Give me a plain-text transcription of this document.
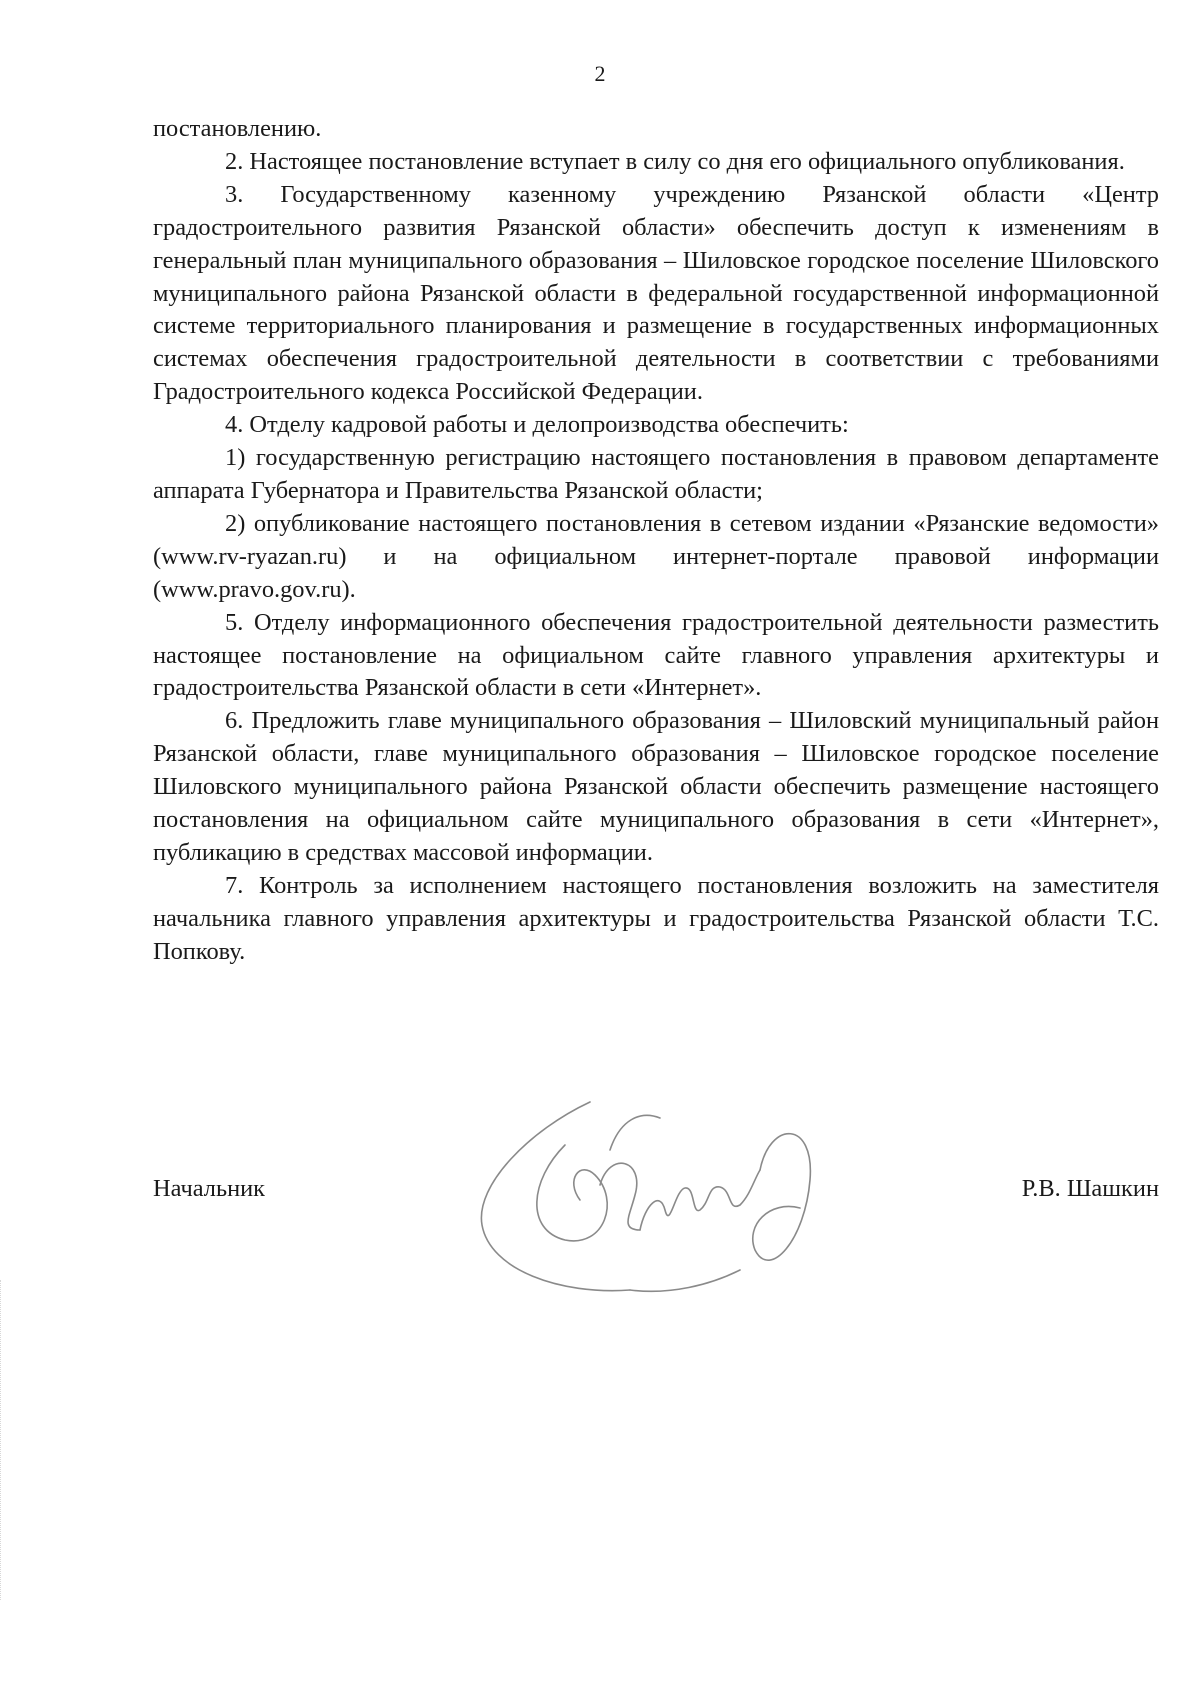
2

постановлению.

2. Настоящее постановление вступает в силу со дня его официального опубликования.

3. Государственному казенному учреждению Рязанской области «Центр градостроительного развития Рязанской области» обеспечить доступ к изменениям в генеральный план муниципального образования – Шиловское городское поселение Шиловского муниципального района Рязанской области в федеральной государственной информационной системе территориального планирования и размещение в государственных информационных системах обеспечения градостроительной деятельности в соответствии с требованиями Градостроительного кодекса Российской Федерации.

4. Отделу кадровой работы и делопроизводства обеспечить:

1) государственную регистрацию настоящего постановления в правовом департаменте аппарата Губернатора и Правительства Рязанской области;

2) опубликование настоящего постановления в сетевом издании «Рязанские ведомости» (www.rv-ryazan.ru) и на официальном интернет-портале правовой информации (www.pravo.gov.ru).

5. Отделу информационного обеспечения градостроительной деятельности разместить настоящее постановление на официальном сайте главного управления архитектуры и градостроительства Рязанской области в сети «Интернет».

6. Предложить главе муниципального образования – Шиловский муниципальный район Рязанской области, главе муниципального образования – Шиловское городское поселение Шиловского муниципального района Рязанской области обеспечить размещение настоящего постановления на официальном сайте муниципального образования в сети «Интернет», публикацию в средствах массовой информации.

7. Контроль за исполнением настоящего постановления возложить на заместителя начальника главного управления архитектуры и градостроительства Рязанской области Т.С. Попкову.

Начальник	Р.В. Шашкин
